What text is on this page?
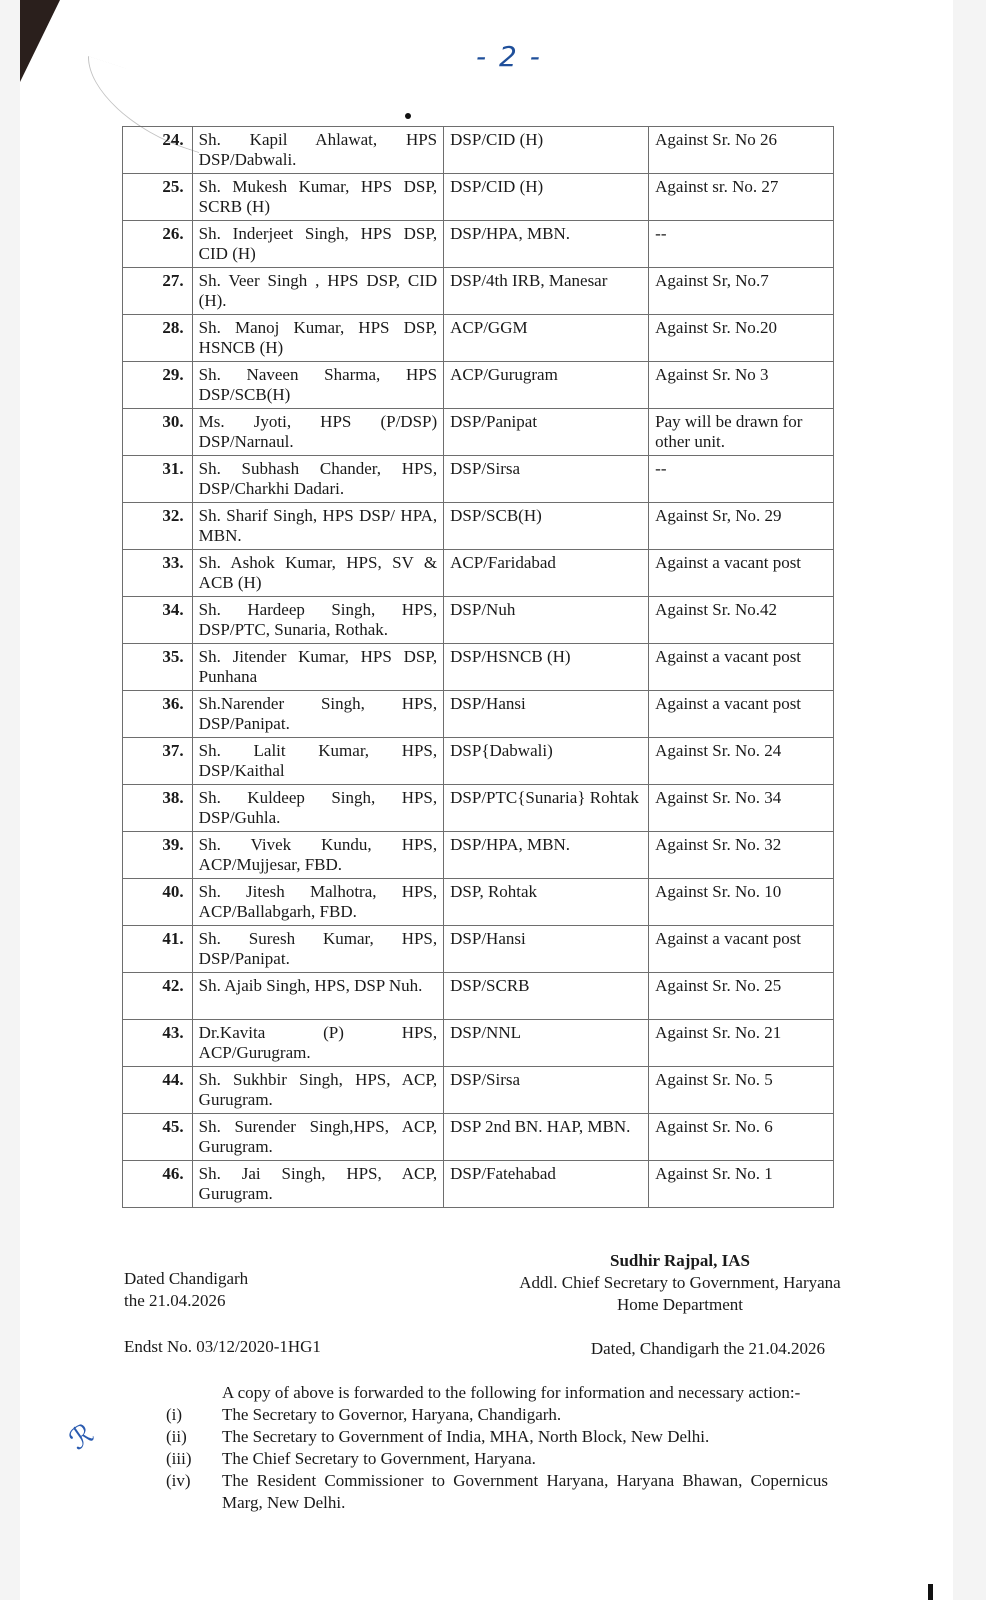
- 2 -
24.	Sh. Kapil Ahlawat, HPS DSP/Dabwali.	DSP/CID (H)	Against Sr. No 26
25.	Sh. Mukesh Kumar, HPS DSP, SCRB (H)	DSP/CID (H)	Against sr. No. 27
26.	Sh. Inderjeet Singh, HPS DSP, CID (H)	DSP/HPA, MBN.	--
27.	Sh. Veer Singh , HPS DSP, CID (H).	DSP/4th IRB, Manesar	Against Sr, No.7
28.	Sh. Manoj Kumar, HPS DSP, HSNCB (H)	ACP/GGM	Against Sr. No.20
29.	Sh. Naveen Sharma, HPS DSP/SCB(H)	ACP/Gurugram	Against Sr. No 3
30.	Ms. Jyoti, HPS (P/DSP) DSP/Narnaul.	DSP/Panipat	Pay will be drawn for other unit.
31.	Sh. Subhash Chander, HPS, DSP/Charkhi Dadari.	DSP/Sirsa	--
32.	Sh. Sharif Singh, HPS DSP/ HPA, MBN.	DSP/SCB(H)	Against Sr, No. 29
33.	Sh. Ashok Kumar, HPS, SV & ACB (H)	ACP/Faridabad	Against a vacant post
34.	Sh. Hardeep Singh, HPS, DSP/PTC, Sunaria, Rothak.	DSP/Nuh	Against Sr. No.42
35.	Sh. Jitender Kumar, HPS DSP, Punhana	DSP/HSNCB (H)	Against a vacant post
36.	Sh.Narender Singh, HPS, DSP/Panipat.	DSP/Hansi	Against a vacant post
37.	Sh. Lalit Kumar, HPS, DSP/Kaithal	DSP{Dabwali)	Against Sr. No. 24
38.	Sh. Kuldeep Singh, HPS, DSP/Guhla.	DSP/PTC{Sunaria} Rohtak	Against Sr. No. 34
39.	Sh. Vivek Kundu, HPS, ACP/Mujjesar, FBD.	DSP/HPA, MBN.	Against Sr. No. 32
40.	Sh. Jitesh Malhotra, HPS, ACP/Ballabgarh, FBD.	DSP, Rohtak	Against Sr. No. 10
41.	Sh. Suresh Kumar, HPS, DSP/Panipat.	DSP/Hansi	Against a vacant post
42.	Sh. Ajaib Singh, HPS, DSP Nuh.	DSP/SCRB	Against Sr. No. 25
43.	Dr.Kavita (P) HPS, ACP/Gurugram.	DSP/NNL	Against Sr. No. 21
44.	Sh. Sukhbir Singh, HPS, ACP, Gurugram.	DSP/Sirsa	Against Sr. No. 5
45.	Sh. Surender Singh,HPS, ACP, Gurugram.	DSP 2nd BN. HAP, MBN.	Against Sr. No. 6
46.	Sh. Jai Singh, HPS, ACP, Gurugram.	DSP/Fatehabad	Against Sr. No. 1
Dated Chandigarh
the 21.04.2026
Sudhir Rajpal, IAS
Addl. Chief Secretary to Government, Haryana
Home Department
Endst No. 03/12/2020-1HG1	Dated, Chandigarh the 21.04.2026
ℛ
A copy of above is forwarded to the following for information and necessary action:-
(i)	The Secretary to Governor, Haryana, Chandigarh.
(ii)	The Secretary to Government of India, MHA, North Block, New Delhi.
(iii)	The Chief Secretary to Government, Haryana.
(iv)	The Resident Commissioner to Government Haryana, Haryana Bhawan, Copernicus Marg, New Delhi.
